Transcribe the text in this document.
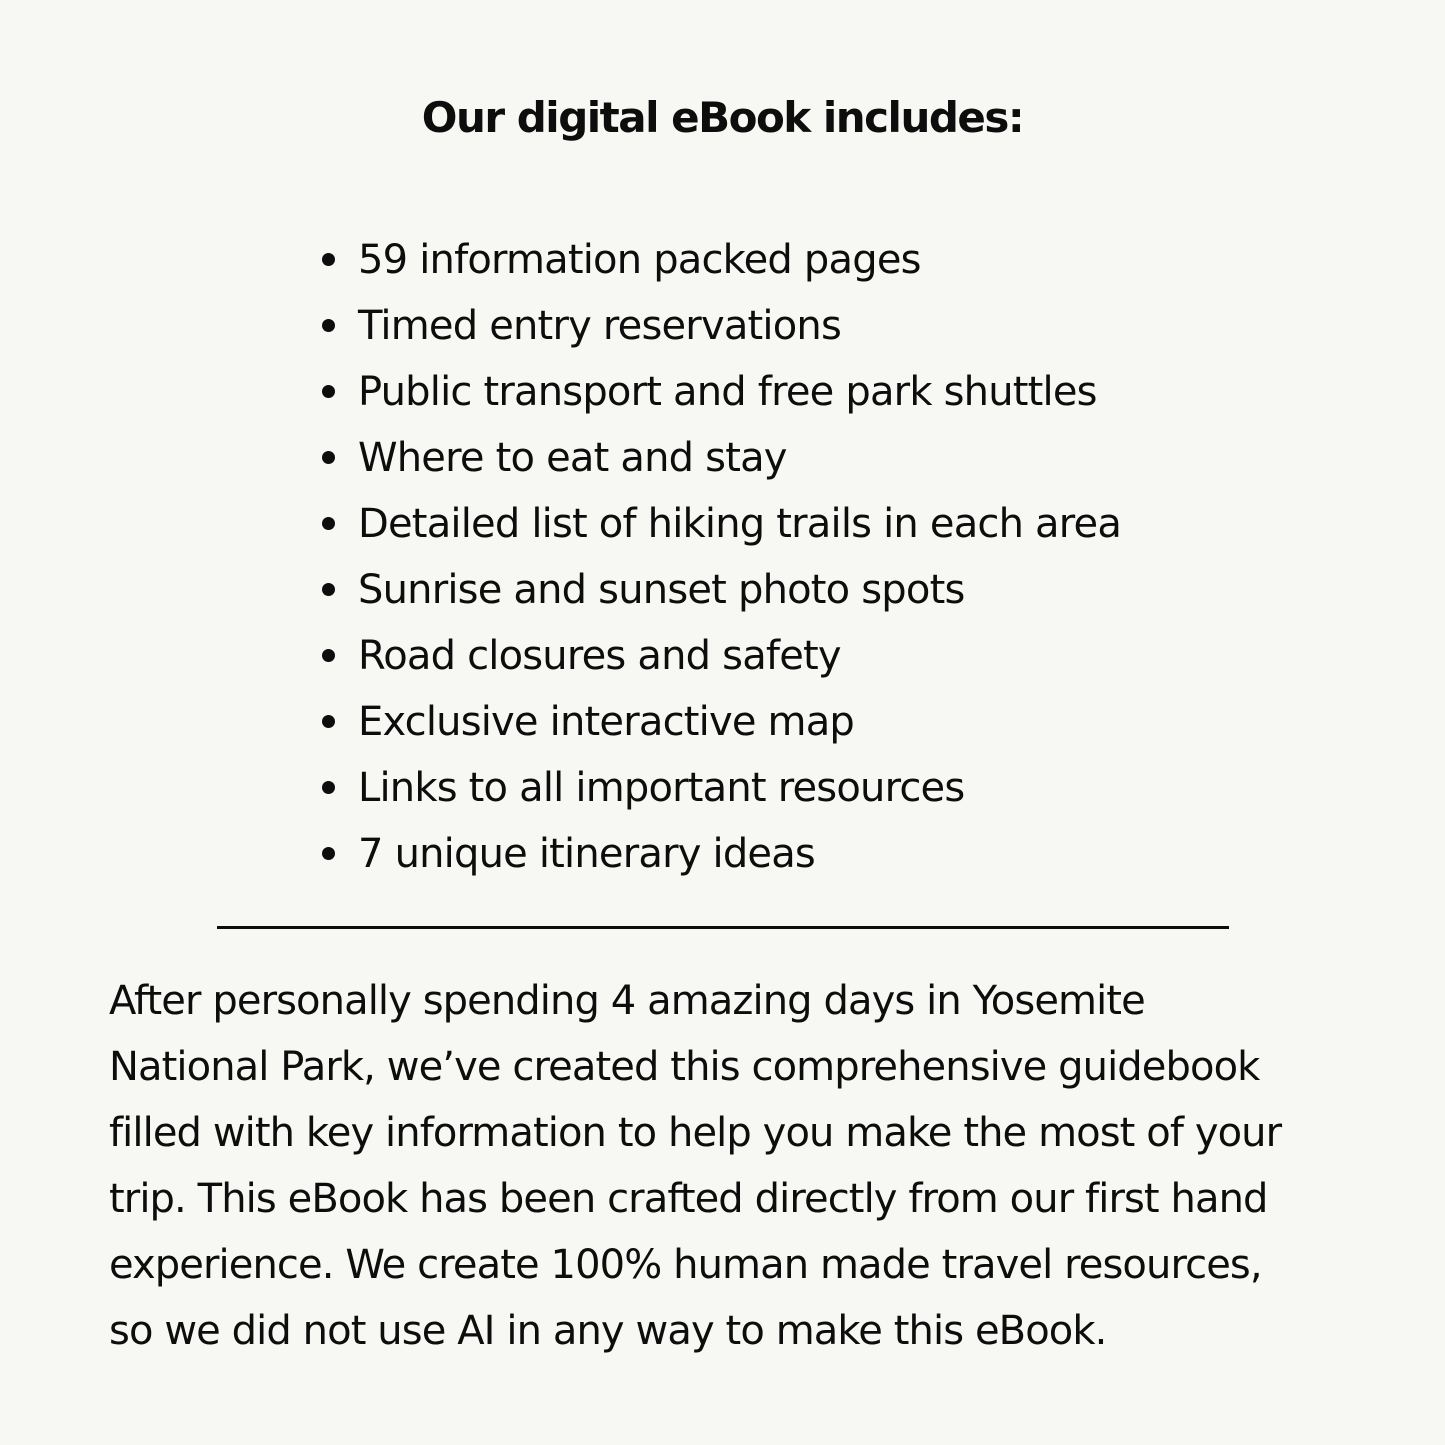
Our digital eBook includes:
59 information packed pages
Timed entry reservations
Public transport and free park shuttles
Where to eat and stay
Detailed list of hiking trails in each area
Sunrise and sunset photo spots
Road closures and safety
Exclusive interactive map
Links to all important resources
7 unique itinerary ideas

After personally spending 4 amazing days in Yosemite
National Park, we’ve created this comprehensive guidebook
filled with key information to help you make the most of your
trip. This eBook has been crafted directly from our first hand
experience. We create 100% human made travel resources,
so we did not use AI in any way to make this eBook.
